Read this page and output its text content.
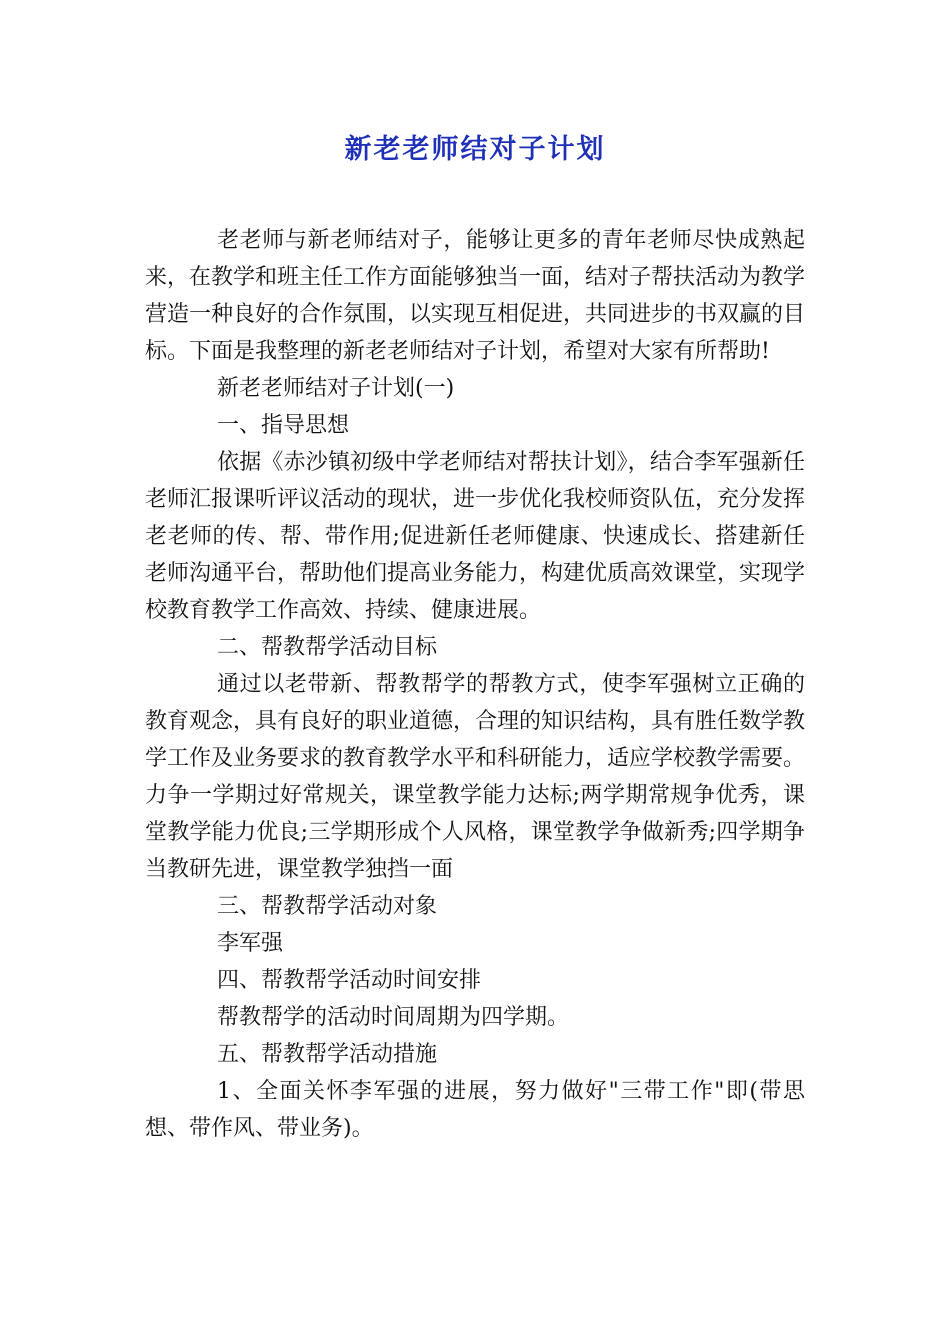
新老老师结对子计划

老老师与新老师结对子，能够让更多的青年老师尽快成熟起来，在教学和班主任工作方面能够独当一面，结对子帮扶活动为教学营造一种良好的合作氛围，以实现互相促进，共同进步的书双赢的目标。下面是我整理的新老老师结对子计划，希望对大家有所帮助!

新老老师结对子计划(一)

一、指导思想

依据《赤沙镇初级中学老师结对帮扶计划》，结合李军强新任老师汇报课听评议活动的现状，进一步优化我校师资队伍，充分发挥老老师的传、帮、带作用;促进新任老师健康、快速成长、搭建新任老师沟通平台，帮助他们提高业务能力，构建优质高效课堂，实现学校教育教学工作高效、持续、健康进展。

二、帮教帮学活动目标

通过以老带新、帮教帮学的帮教方式，使李军强树立正确的教育观念，具有良好的职业道德，合理的知识结构，具有胜任数学教学工作及业务要求的教育教学水平和科研能力，适应学校教学需要。力争一学期过好常规关，课堂教学能力达标;两学期常规争优秀，课堂教学能力优良;三学期形成个人风格，课堂教学争做新秀;四学期争当教研先进，课堂教学独挡一面

三、帮教帮学活动对象

李军强

四、帮教帮学活动时间安排

帮教帮学的活动时间周期为四学期。

五、帮教帮学活动措施

1、全面关怀李军强的进展，努力做好"三带工作"即(带思想、带作风、带业务)。
